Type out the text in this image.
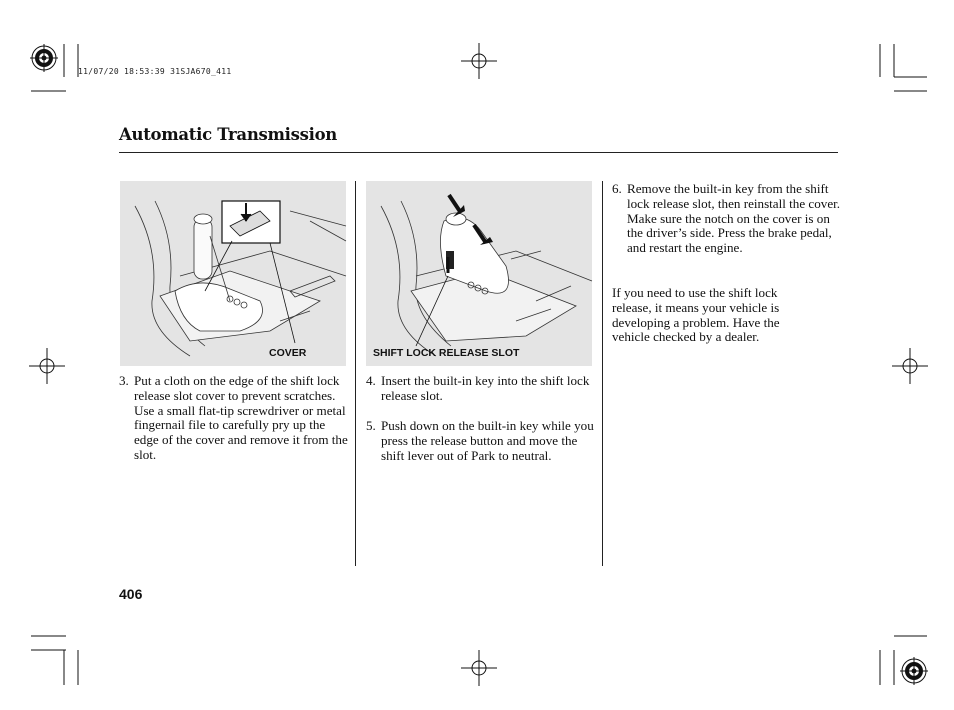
11/07/20 18:53:39 31SJA670_411
Automatic Transmission
COVER	SHIFT LOCK RELEASE SLOT
3. Put a cloth on the edge of the shift lock release slot cover to prevent scratches. Use a small flat-tip screwdriver or metal fingernail file to carefully pry up the edge of the cover and remove it from the slot.
4. Insert the built-in key into the shift lock release slot.
5. Push down on the built-in key while you press the release button and move the shift lever out of Park to neutral.
6. Remove the built-in key from the shift lock release slot, then reinstall the cover. Make sure the notch on the cover is on the driver’s side. Press the brake pedal, and restart the engine.
If you need to use the shift lock release, it means your vehicle is developing a problem. Have the vehicle checked by a dealer.
406
